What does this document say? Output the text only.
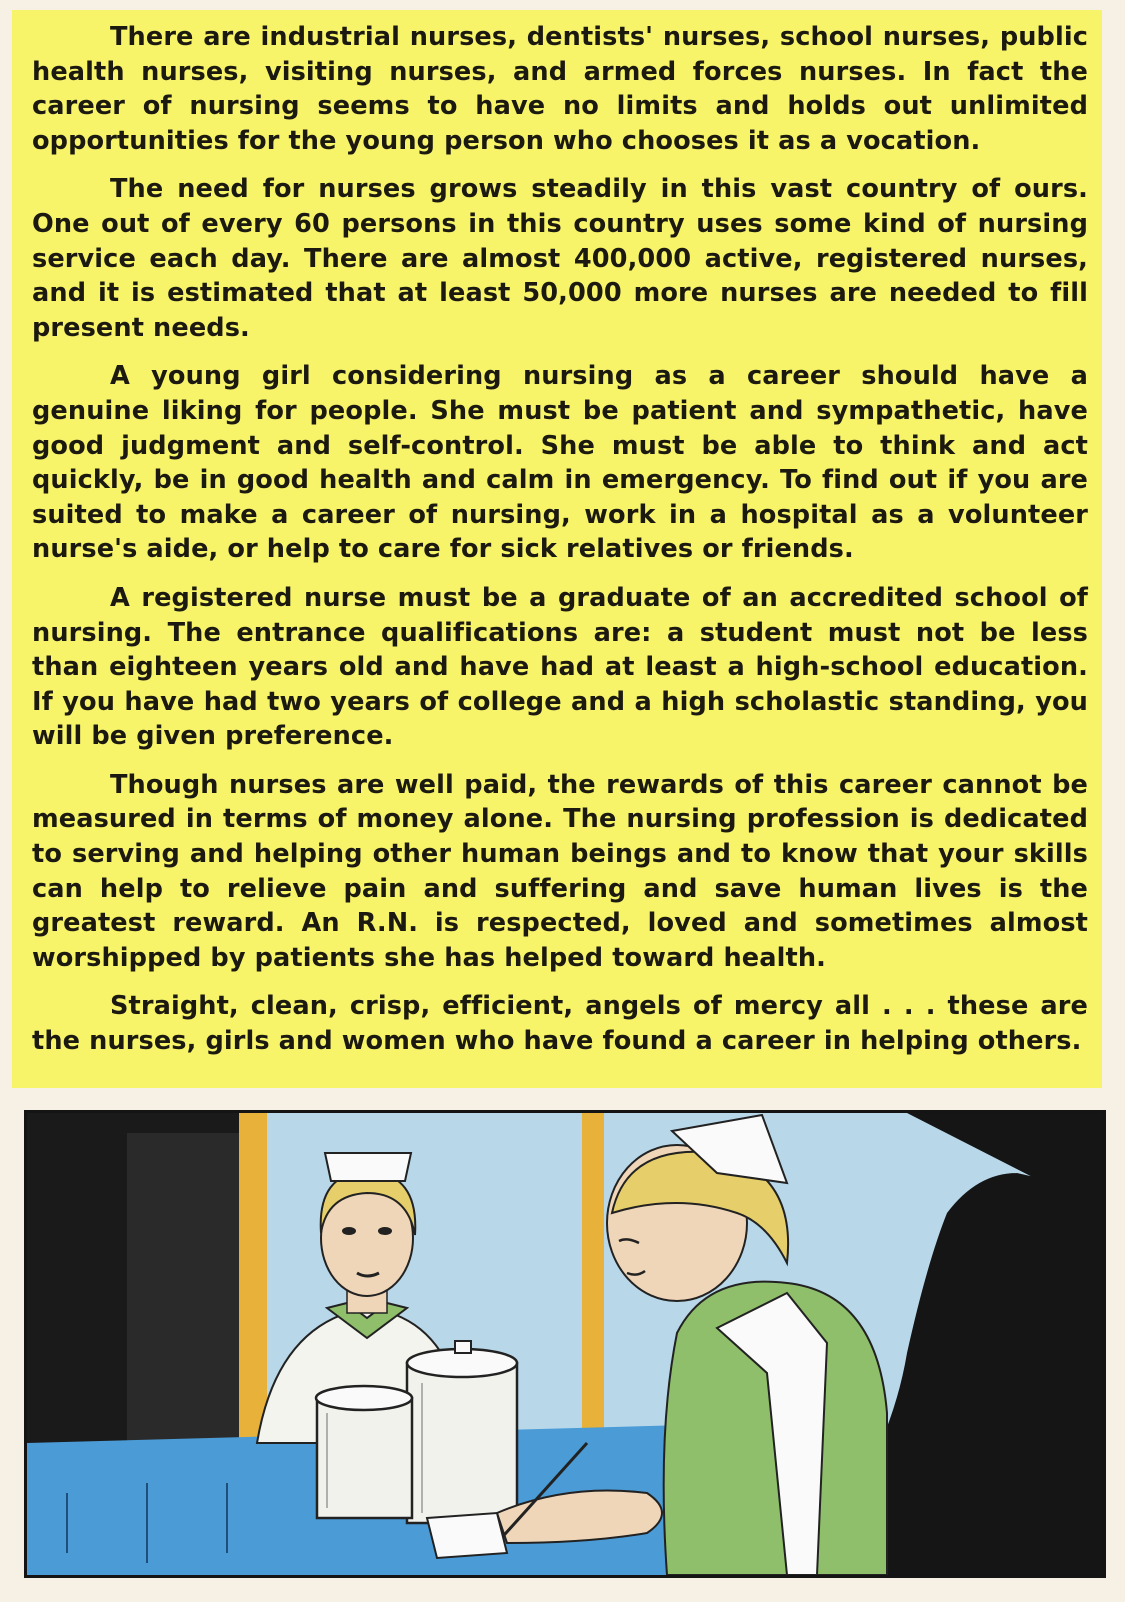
There are industrial nurses, dentists' nurses, school nurses, public health nurses, visiting nurses, and armed forces nurses. In fact the career of nursing seems to have no limits and holds out unlimited opportunities for the young person who chooses it as a vocation.

The need for nurses grows steadily in this vast country of ours. One out of every 60 persons in this country uses some kind of nursing service each day. There are almost 400,000 active, registered nurses, and it is estimated that at least 50,000 more nurses are needed to fill present needs.

A young girl considering nursing as a career should have a genuine liking for people. She must be patient and sympathetic, have good judgment and self-control. She must be able to think and act quickly, be in good health and calm in emergency. To find out if you are suited to make a career of nursing, work in a hospital as a volunteer nurse's aide, or help to care for sick relatives or friends.

A registered nurse must be a graduate of an accredited school of nursing. The entrance qualifications are: a student must not be less than eighteen years old and have had at least a high-school education. If you have had two years of college and a high scholastic standing, you will be given preference.

Though nurses are well paid, the rewards of this career cannot be measured in terms of money alone. The nursing profession is dedicated to serving and helping other human beings and to know that your skills can help to relieve pain and suffering and save human lives is the greatest reward. An R.N. is respected, loved and sometimes almost worshipped by patients she has helped toward health.

Straight, clean, crisp, efficient, angels of mercy all . . . these are the nurses, girls and women who have found a career in helping others.
